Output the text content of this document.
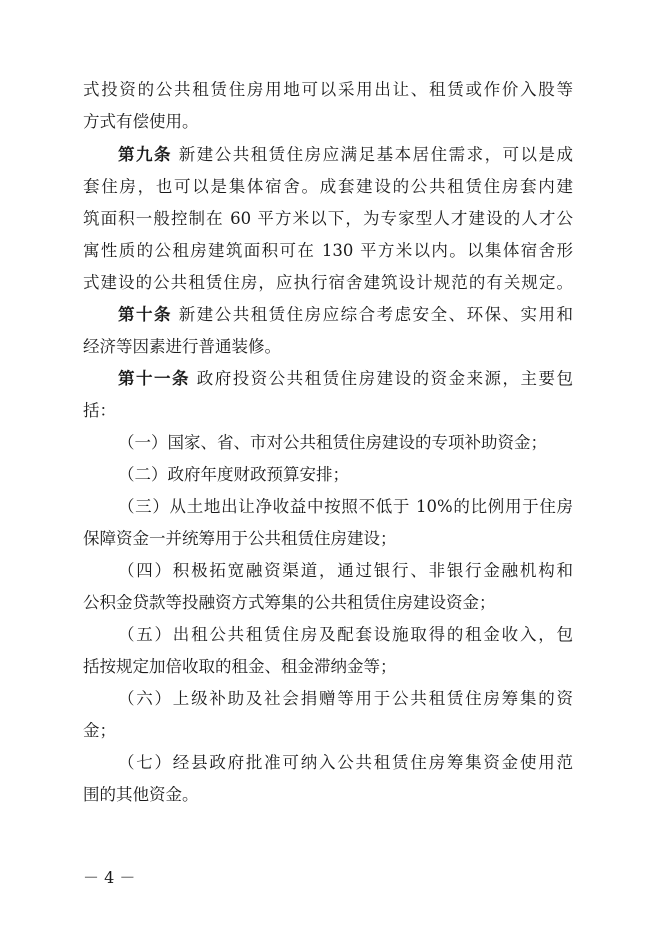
式投资的公共租赁住房用地可以采用出让、租赁或作价入股等
方式有偿使用。
第九条 新建公共租赁住房应满足基本居住需求，可以是成
套住房，也可以是集体宿舍。成套建设的公共租赁住房套内建
筑面积一般控制在 60 平方米以下，为专家型人才建设的人才公
寓性质的公租房建筑面积可在 130 平方米以内。以集体宿舍形
式建设的公共租赁住房，应执行宿舍建筑设计规范的有关规定。
第十条 新建公共租赁住房应综合考虑安全、环保、实用和
经济等因素进行普通装修。
第十一条 政府投资公共租赁住房建设的资金来源，主要包
括：
（一）国家、省、市对公共租赁住房建设的专项补助资金；
（二）政府年度财政预算安排；
（三）从土地出让净收益中按照不低于 10%的比例用于住房
保障资金一并统筹用于公共租赁住房建设；
（四）积极拓宽融资渠道，通过银行、非银行金融机构和
公积金贷款等投融资方式筹集的公共租赁住房建设资金；
（五）出租公共租赁住房及配套设施取得的租金收入，包
括按规定加倍收取的租金、租金滞纳金等；
（六）上级补助及社会捐赠等用于公共租赁住房筹集的资
金；
（七）经县政府批准可纳入公共租赁住房筹集资金使用范
围的其他资金。
－ 4 －
